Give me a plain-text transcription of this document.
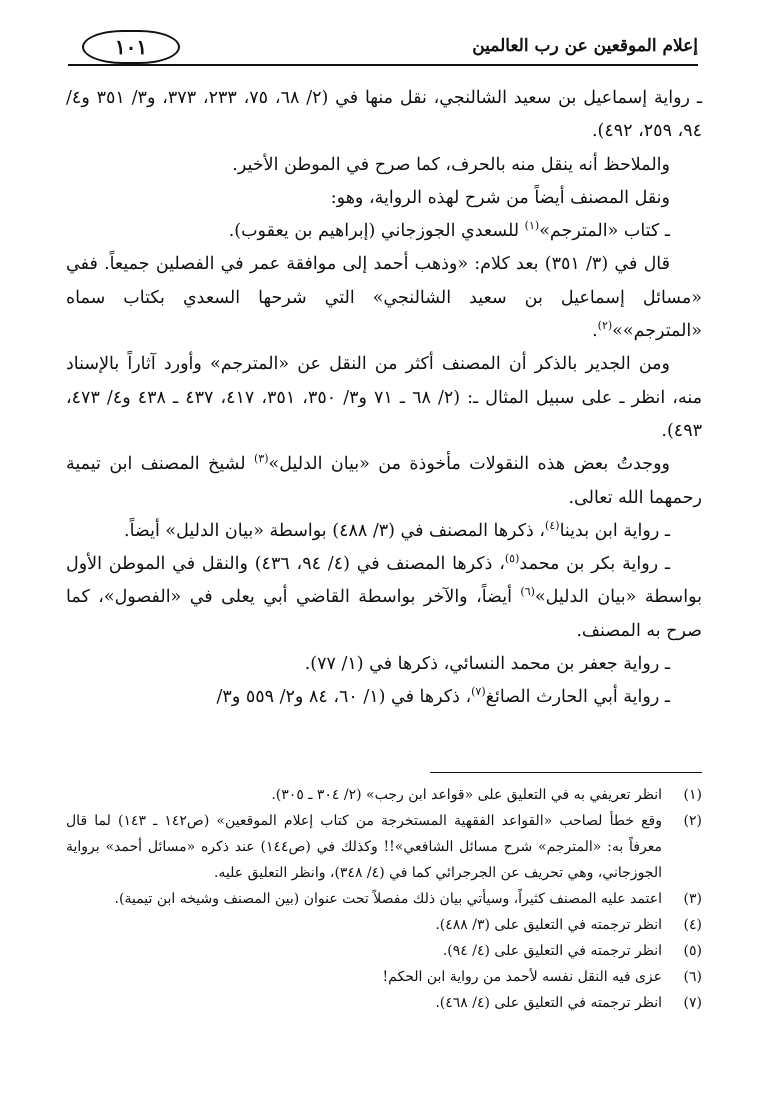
إعلام الموقعين عن رب العالمين
١٠١

ـ رواية إسماعيل بن سعيد الشالنجي، نقل منها في (٢/ ٦٨، ٧٥، ٢٣٣، ٣٧٣، و٣/ ٣٥١ و٤/ ٩٤، ٢٥٩، ٤٩٢).

والملاحظ أنه ينقل منه بالحرف، كما صرح في الموطن الأخير.

ونقل المصنف أيضاً من شرح لهذه الرواية، وهو:

ـ كتاب «المترجم»$^{(١)}$ للسعدي الجوزجاني (إبراهيم بن يعقوب).

قال في (٣/ ٣٥١) بعد كلام: «وذهب أحمد إلى موافقة عمر في الفصلين جميعاً. ففي «مسائل إسماعيل بن سعيد الشالنجي» التي شرحها السعدي بكتاب سماه «المترجم»»$^{(٢)}$.

ومن الجدير بالذكر أن المصنف أكثر من النقل عن «المترجم» وأورد آثاراً بالإسناد منه، انظر ـ على سبيل المثال ـ: (٢/ ٦٨ ـ ٧١ و٣/ ٣٥٠، ٣٥١، ٤١٧، ٤٣٧ ـ ٤٣٨ و٤/ ٤٧٣، ٤٩٣).

ووجدتُ بعض هذه النقولات مأخوذة من «بيان الدليل»$^{(٣)}$ لشيخ المصنف ابن تيمية رحمهما الله تعالى.

ـ رواية ابن بدينا$^{(٤)}$، ذكرها المصنف في (٣/ ٤٨٨) بواسطة «بيان الدليل» أيضاً.

ـ رواية بكر بن محمد$^{(٥)}$، ذكرها المصنف في (٤/ ٩٤، ٤٣٦) والنقل في الموطن الأول بواسطة «بيان الدليل»$^{(٦)}$ أيضاً، والآخر بواسطة القاضي أبي يعلى في «الفصول»، كما صرح به المصنف.

ـ رواية جعفر بن محمد النسائي، ذكرها في (١/ ٧٧).

ـ رواية أبي الحارث الصائغ$^{(٧)}$، ذكرها في (١/ ٦٠، ٨٤ و٢/ ٥٥٩ و٣/

(١)
انظر تعريفي به في التعليق على «قواعد ابن رجب» (٢/ ٣٠٤ ـ ٣٠٥).
(٢)
وقع خطأ لصاحب «القواعد الفقهية المستخرجة من كتاب إعلام الموقعين» (ص١٤٢ ـ ١٤٣) لما قال معرفاً به: «المترجم» شرح مسائل الشافعي»!! وكذلك في (ص١٤٤) عند ذكره «مسائل أحمد» برواية الجوزجاني، وهي تحريف عن الجرجرائي كما في (٤/ ٣٤٨)، وانظر التعليق عليه.
(٣)
اعتمد عليه المصنف كثيراً، وسيأتي بيان ذلك مفصلاً تحت عنوان (بين المصنف وشيخه ابن تيمية).
(٤)
انظر ترجمته في التعليق على (٣/ ٤٨٨).
(٥)
انظر ترجمته في التعليق على (٤/ ٩٤).
(٦)
عزى فيه النقل نفسه لأحمد من رواية ابن الحكم!
(٧)
انظر ترجمته في التعليق على (٤/ ٤٦٨).
